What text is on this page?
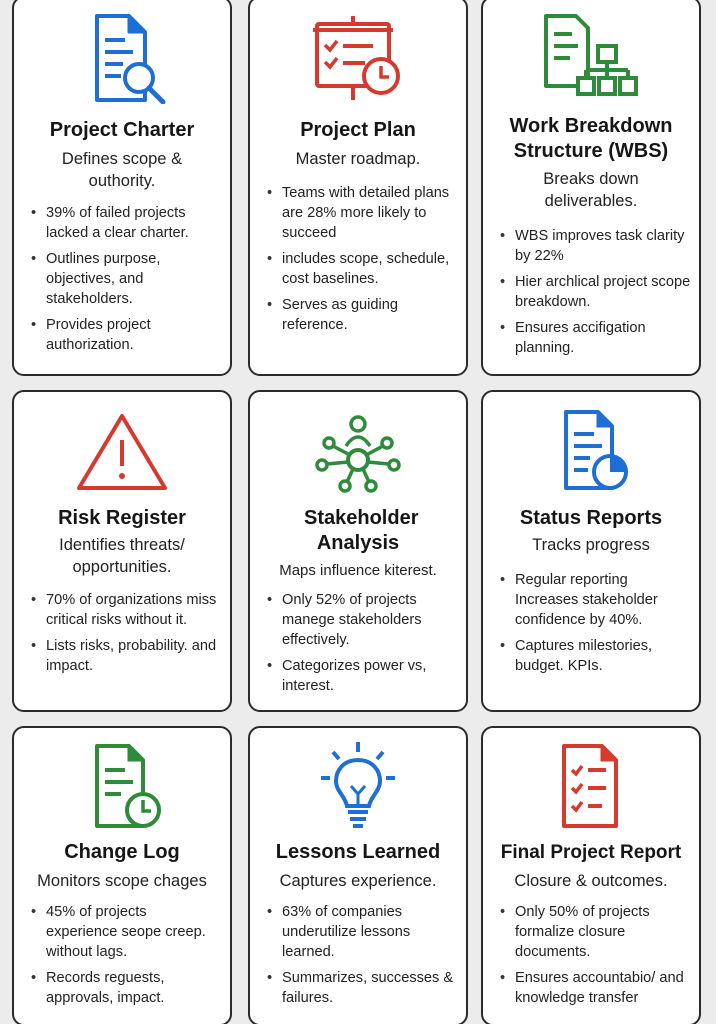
Project Charter
Defines scope & outhority.
• 39% of failed projects lacked a clear charter.
• Outlines purpose, objectives, and stakeholders.
• Provides project authorization.
Project Plan
Master roadmap.
• Teams with detailed plans are 28% more likely to succeed
• includes scope, schedule, cost baselines.
• Serves as guiding reference.
Work Breakdown Structure (WBS)
Breaks down deliverables.
• WBS improves task clarity by 22%
• Hier archlical project scope breakdown.
• Ensures accifigation planning.
Risk Register
Identifies threats/ opportunities.
• 70% of organizations miss critical risks without it.
• Lists risks, probability. and impact.
Stakeholder Analysis
Maps influence kiterest.
• Only 52% of projects manege stakeholders effectively.
• Categorizes power vs, interest.
Status Reports
Tracks progress
• Regular reporting Increases stakeholder confidence by 40%.
• Captures milestories, budget. KPIs.
Change Log
Monitors scope chages
• 45% of projects experience seope creep. without lags.
• Records reguests, approvals, impact.
Lessons Learned
Captures experience.
• 63% of companies underutilize lessons learned.
• Summarizes, successes & failures.
Final Project Report
Closure & outcomes.
• Only 50% of projects formalize closure documents.
• Ensures accountabio/ and knowledge transfer
